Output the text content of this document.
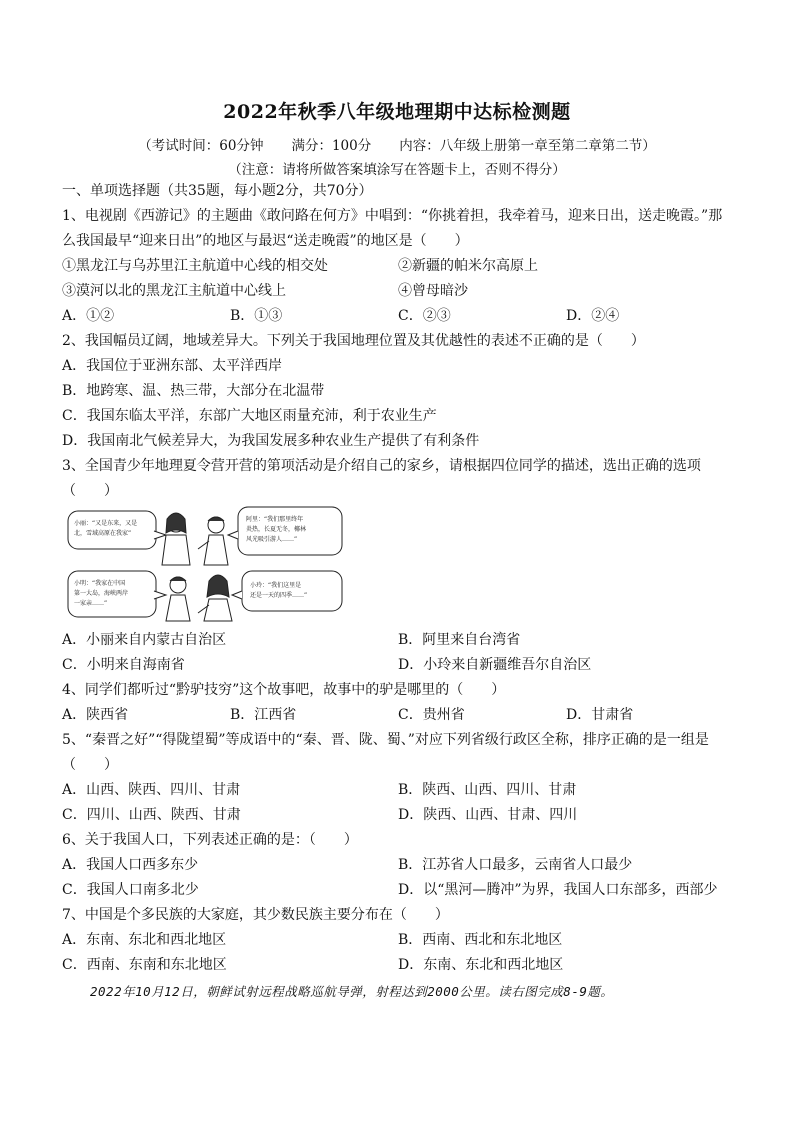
2022年秋季八年级地理期中达标检测题
（考试时间：60分钟 满分：100分 内容：八年级上册第一章至第二章第二节）
（注意：请将所做答案填涂写在答题卡上，否则不得分）
一、单项选择题（共35题，每小题2分，共70分）
1、电视剧《西游记》的主题曲《敢问路在何方》中唱到：“你挑着担，我牵着马，迎来日出，送走晚霞。”那
么我国最早“迎来日出”的地区与最迟“送走晚霞”的地区是（　　）
①黑龙江与乌苏里江主航道中心线的相交处	②新疆的帕米尔高原上
③漠河以北的黑龙江主航道中心线上	④曾母暗沙
A．①②	B．①③	C．②③	D．②④
2、我国幅员辽阔，地域差异大。下列关于我国地理位置及其优越性的表述不正确的是（　　）
A．我国位于亚洲东部、太平洋西岸
B．地跨寒、温、热三带，大部分在北温带
C．我国东临太平洋，东部广大地区雨量充沛，利于农业生产
D．我国南北气候差异大，为我国发展多种农业生产提供了有利条件
3、全国青少年地理夏令营开营的第项活动是介绍自己的家乡，请根据四位同学的描述，选出正确的选项
（　　）
小丽：“又是东来，又是
北，雪域高原在我家”
阿里：“我们那里终年
炎热，长夏无冬，椰林
风光吸引游人……”
小明：“我家在中国
第一大岛，海峡两岸
一家亲……”
小玲：“我们这里是
还是一天的四季……”
A．小丽来自内蒙古自治区	B．阿里来自台湾省
C．小明来自海南省	D．小玲来自新疆维吾尔自治区
4、同学们都听过“黔驴技穷”这个故事吧，故事中的驴是哪里的（　　）
A．陕西省	B．江西省	C．贵州省	D．甘肃省
5、“秦晋之好”“得陇望蜀”等成语中的“秦、晋、陇、蜀、”对应下列省级行政区全称，排序正确的是一组是
（　　）
A．山西、陕西、四川、甘肃	B．陕西、山西、四川、甘肃
C．四川、山西、陕西、甘肃	D．陕西、山西、甘肃、四川
6、关于我国人口，下列表述正确的是：（　　）
A．我国人口西多东少	B．江苏省人口最多，云南省人口最少
C．我国人口南多北少	D．以“黑河—腾冲”为界，我国人口东部多，西部少
7、中国是个多民族的大家庭，其少数民族主要分布在（　　）
A．东南、东北和西北地区	B．西南、西北和东北地区
C．西南、东南和东北地区	D．东南、东北和西北地区
2022年10月12日，朝鲜试射远程战略巡航导弹，射程达到2000公里。读右图完成8-9题。
